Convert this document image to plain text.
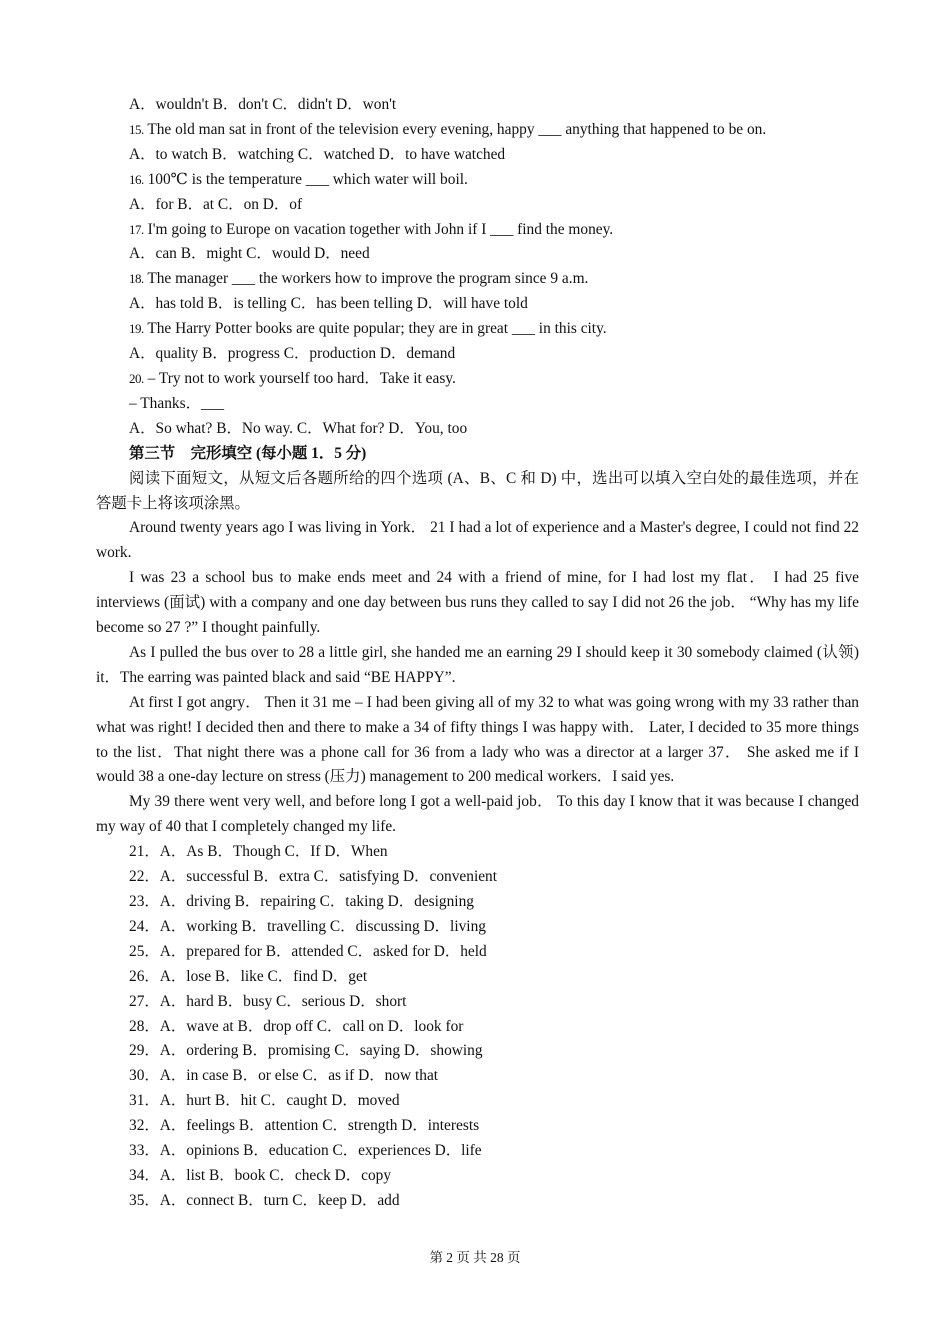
A．wouldn't B．don't C．didn't D．won't
15. The old man sat in front of the television every evening, happy ___ anything that happened to be on.
A．to watch B．watching C．watched D．to have watched
16. 100℃ is the temperature ___ which water will boil.
A．for B．at C．on D．of
17. I'm going to Europe on vacation together with John if I ___ find the money.
A．can B．might C．would D．need
18. The manager ___ the workers how to improve the program since 9 a.m.
A．has told B．is telling C．has been telling D．will have told
19. The Harry Potter books are quite popular; they are in great ___ in this city.
A．quality B．progress C．production D．demand
20. – Try not to work yourself too hard．Take it easy.
– Thanks．___
A．So what? B．No way. C．What for? D．You, too
第三节　完形填空 (每小题 1．5 分)
阅读下面短文，从短文后各题所给的四个选项 (A、B、C 和 D) 中，选出可以填入空白处的最佳选项，并在答题卡上将该项涂黑。
Around twenty years ago I was living in York． 21 I had a lot of experience and a Master's degree, I could not find 22 work.
I was 23 a school bus to make ends meet and 24 with a friend of mine, for I had lost my flat． I had 25 five interviews (面试) with a company and one day between bus runs they called to say I did not 26 the job． “Why has my life become so 27 ?” I thought painfully.
As I pulled the bus over to 28 a little girl, she handed me an earning 29 I should keep it 30 somebody claimed (认领) it．The earring was painted black and said “BE HAPPY”.
At first I got angry． Then it 31 me – I had been giving all of my 32 to what was going wrong with my 33 rather than what was right! I decided then and there to make a 34 of fifty things I was happy with． Later, I decided to 35 more things to the list．That night there was a phone call for 36 from a lady who was a director at a larger 37． She asked me if I would 38 a one-day lecture on stress (压力) management to 200 medical workers．I said yes.
My 39 there went very well, and before long I got a well-paid job． To this day I know that it was because I changed my way of 40 that I completely changed my life.
21．A．As B．Though C．If D．When
22．A．successful B．extra C．satisfying D．convenient
23．A．driving B．repairing C．taking D．designing
24．A．working B．travelling C．discussing D．living
25．A．prepared for B．attended C．asked for D．held
26．A．lose B．like C．find D．get
27．A．hard B．busy C．serious D．short
28．A．wave at B．drop off C．call on D．look for
29．A．ordering B．promising C．saying D．showing
30．A．in case B．or else C．as if D．now that
31．A．hurt B．hit C．caught D．moved
32．A．feelings B．attention C．strength D．interests
33．A．opinions B．education C．experiences D．life
34．A．list B．book C．check D．copy
35．A．connect B．turn C．keep D．add
第 2 页 共 28 页
